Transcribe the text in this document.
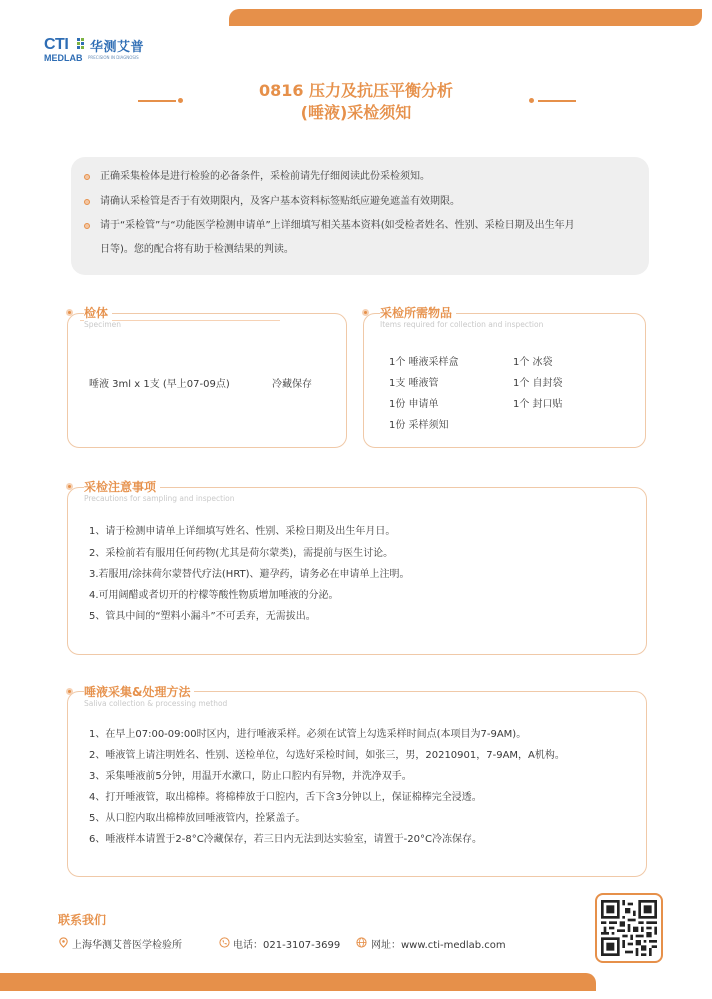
CTI 华测艾普
MEDLAB PRECISION IN DIAGNOSIS
0816 压力及抗压平衡分析
(唾液)采检须知
正确采集检体是进行检验的必备条件，采检前请先仔细阅读此份采检须知。
请确认采检管是否于有效期限内，及客户基本资料标签贴纸应避免遮盖有效期限。
请于“采检管”与“功能医学检测申请单”上详细填写相关基本资料(如受检者姓名、性别、采检日期及出生年月
日等)。您的配合将有助于检测结果的判读。
检体
Specimen
唾液 3ml x 1支 (早上07-09点)	冷藏保存
采检所需物品
Items required for collection and inspection
1个 唾液采样盒
1支 唾液管
1份 申请单
1份 采样须知
1个 冰袋
1个 自封袋
1个 封口贴
采检注意事项
Precautions for sampling and inspection
1、请于检测申请单上详细填写姓名、性别、采检日期及出生年月日。
2、采检前若有服用任何药物(尤其是荷尔蒙类)，需提前与医生讨论。
3.若服用/涂抹荷尔蒙替代疗法(HRT)、避孕药，请务必在申请单上注明。
4.可用阔醋或者切开的柠檬等酸性物质增加唾液的分泌。
5、管具中间的“塑料小漏斗”不可丢弃，无需拔出。
唾液采集&处理方法
Saliva collection & processing method
1、在早上07:00-09:00时区内，进行唾液采样。必须在试管上勾选采样时间点(本项目为7-9AM)。
2、唾液管上请注明姓名、性别、送检单位，勾选好采检时间，如张三，男，20210901，7-9AM，A机构。
3、采集唾液前5分钟，用温开水漱口，防止口腔内有异物，并洗净双手。
4、打开唾液管，取出棉棒。将棉棒放于口腔内，舌下含3分钟以上，保证棉棒完全浸透。
5、从口腔内取出棉棒放回唾液管内，拴紧盖子。
6、唾液样本请置于2-8°C冷藏保存，若三日内无法到达实验室，请置于-20°C冷冻保存。
联系我们
上海华测艾普医学检验所	电话：021-3107-3699	网址：www.cti-medlab.com
